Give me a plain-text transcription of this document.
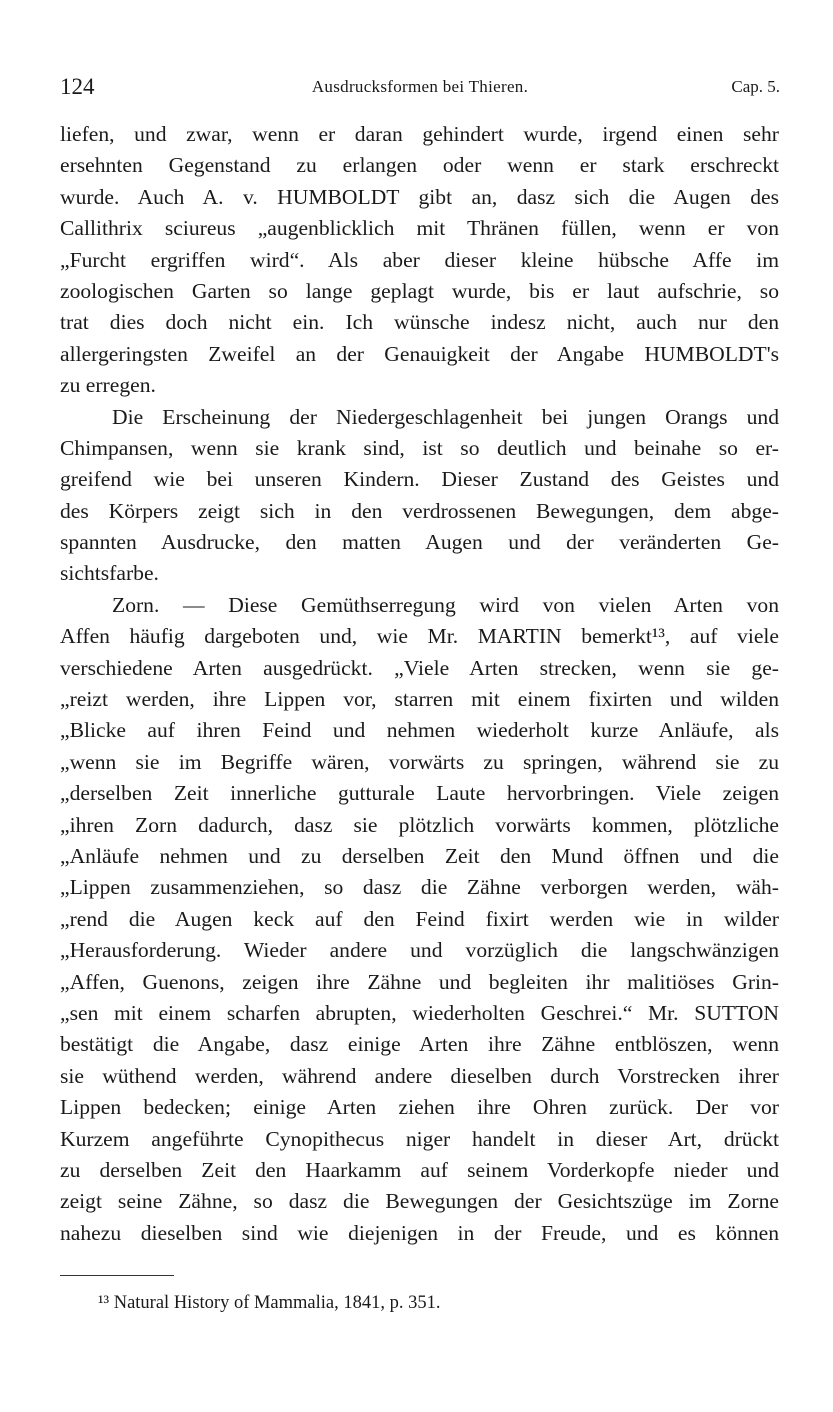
124	Ausdrucksformen bei Thieren.	Cap. 5.
liefen, und zwar, wenn er daran gehindert wurde, irgend einen sehr
ersehnten Gegenstand zu erlangen oder wenn er stark erschreckt
wurde. Auch A. v. HUMBOLDT gibt an, dasz sich die Augen des
Callithrix sciureus „augenblicklich mit Thränen füllen, wenn er von
„Furcht ergriffen wird“. Als aber dieser kleine hübsche Affe im
zoologischen Garten so lange geplagt wurde, bis er laut aufschrie, so
trat dies doch nicht ein. Ich wünsche indesz nicht, auch nur den
allergeringsten Zweifel an der Genauigkeit der Angabe HUMBOLDT's
zu erregen.
Die Erscheinung der Niedergeschlagenheit bei jungen Orangs und
Chimpansen, wenn sie krank sind, ist so deutlich und beinahe so er-
greifend wie bei unseren Kindern. Dieser Zustand des Geistes und
des Körpers zeigt sich in den verdrossenen Bewegungen, dem abge-
spannten Ausdrucke, den matten Augen und der veränderten Ge-
sichtsfarbe.
Zorn. — Diese Gemüthserregung wird von vielen Arten von
Affen häufig dargeboten und, wie Mr. MARTIN bemerkt¹³, auf viele
verschiedene Arten ausgedrückt. „Viele Arten strecken, wenn sie ge-
„reizt werden, ihre Lippen vor, starren mit einem fixirten und wilden
„Blicke auf ihren Feind und nehmen wiederholt kurze Anläufe, als
„wenn sie im Begriffe wären, vorwärts zu springen, während sie zu
„derselben Zeit innerliche gutturale Laute hervorbringen. Viele zeigen
„ihren Zorn dadurch, dasz sie plötzlich vorwärts kommen, plötzliche
„Anläufe nehmen und zu derselben Zeit den Mund öffnen und die
„Lippen zusammenziehen, so dasz die Zähne verborgen werden, wäh-
„rend die Augen keck auf den Feind fixirt werden wie in wilder
„Herausforderung. Wieder andere und vorzüglich die langschwänzigen
„Affen, Guenons, zeigen ihre Zähne und begleiten ihr malitiöses Grin-
„sen mit einem scharfen abrupten, wiederholten Geschrei.“ Mr. SUTTON
bestätigt die Angabe, dasz einige Arten ihre Zähne entblöszen, wenn
sie wüthend werden, während andere dieselben durch Vorstrecken ihrer
Lippen bedecken; einige Arten ziehen ihre Ohren zurück. Der vor
Kurzem angeführte Cynopithecus niger handelt in dieser Art, drückt
zu derselben Zeit den Haarkamm auf seinem Vorderkopfe nieder und
zeigt seine Zähne, so dasz die Bewegungen der Gesichtszüge im Zorne
nahezu dieselben sind wie diejenigen in der Freude, und es können
¹³ Natural History of Mammalia, 1841, p. 351.
